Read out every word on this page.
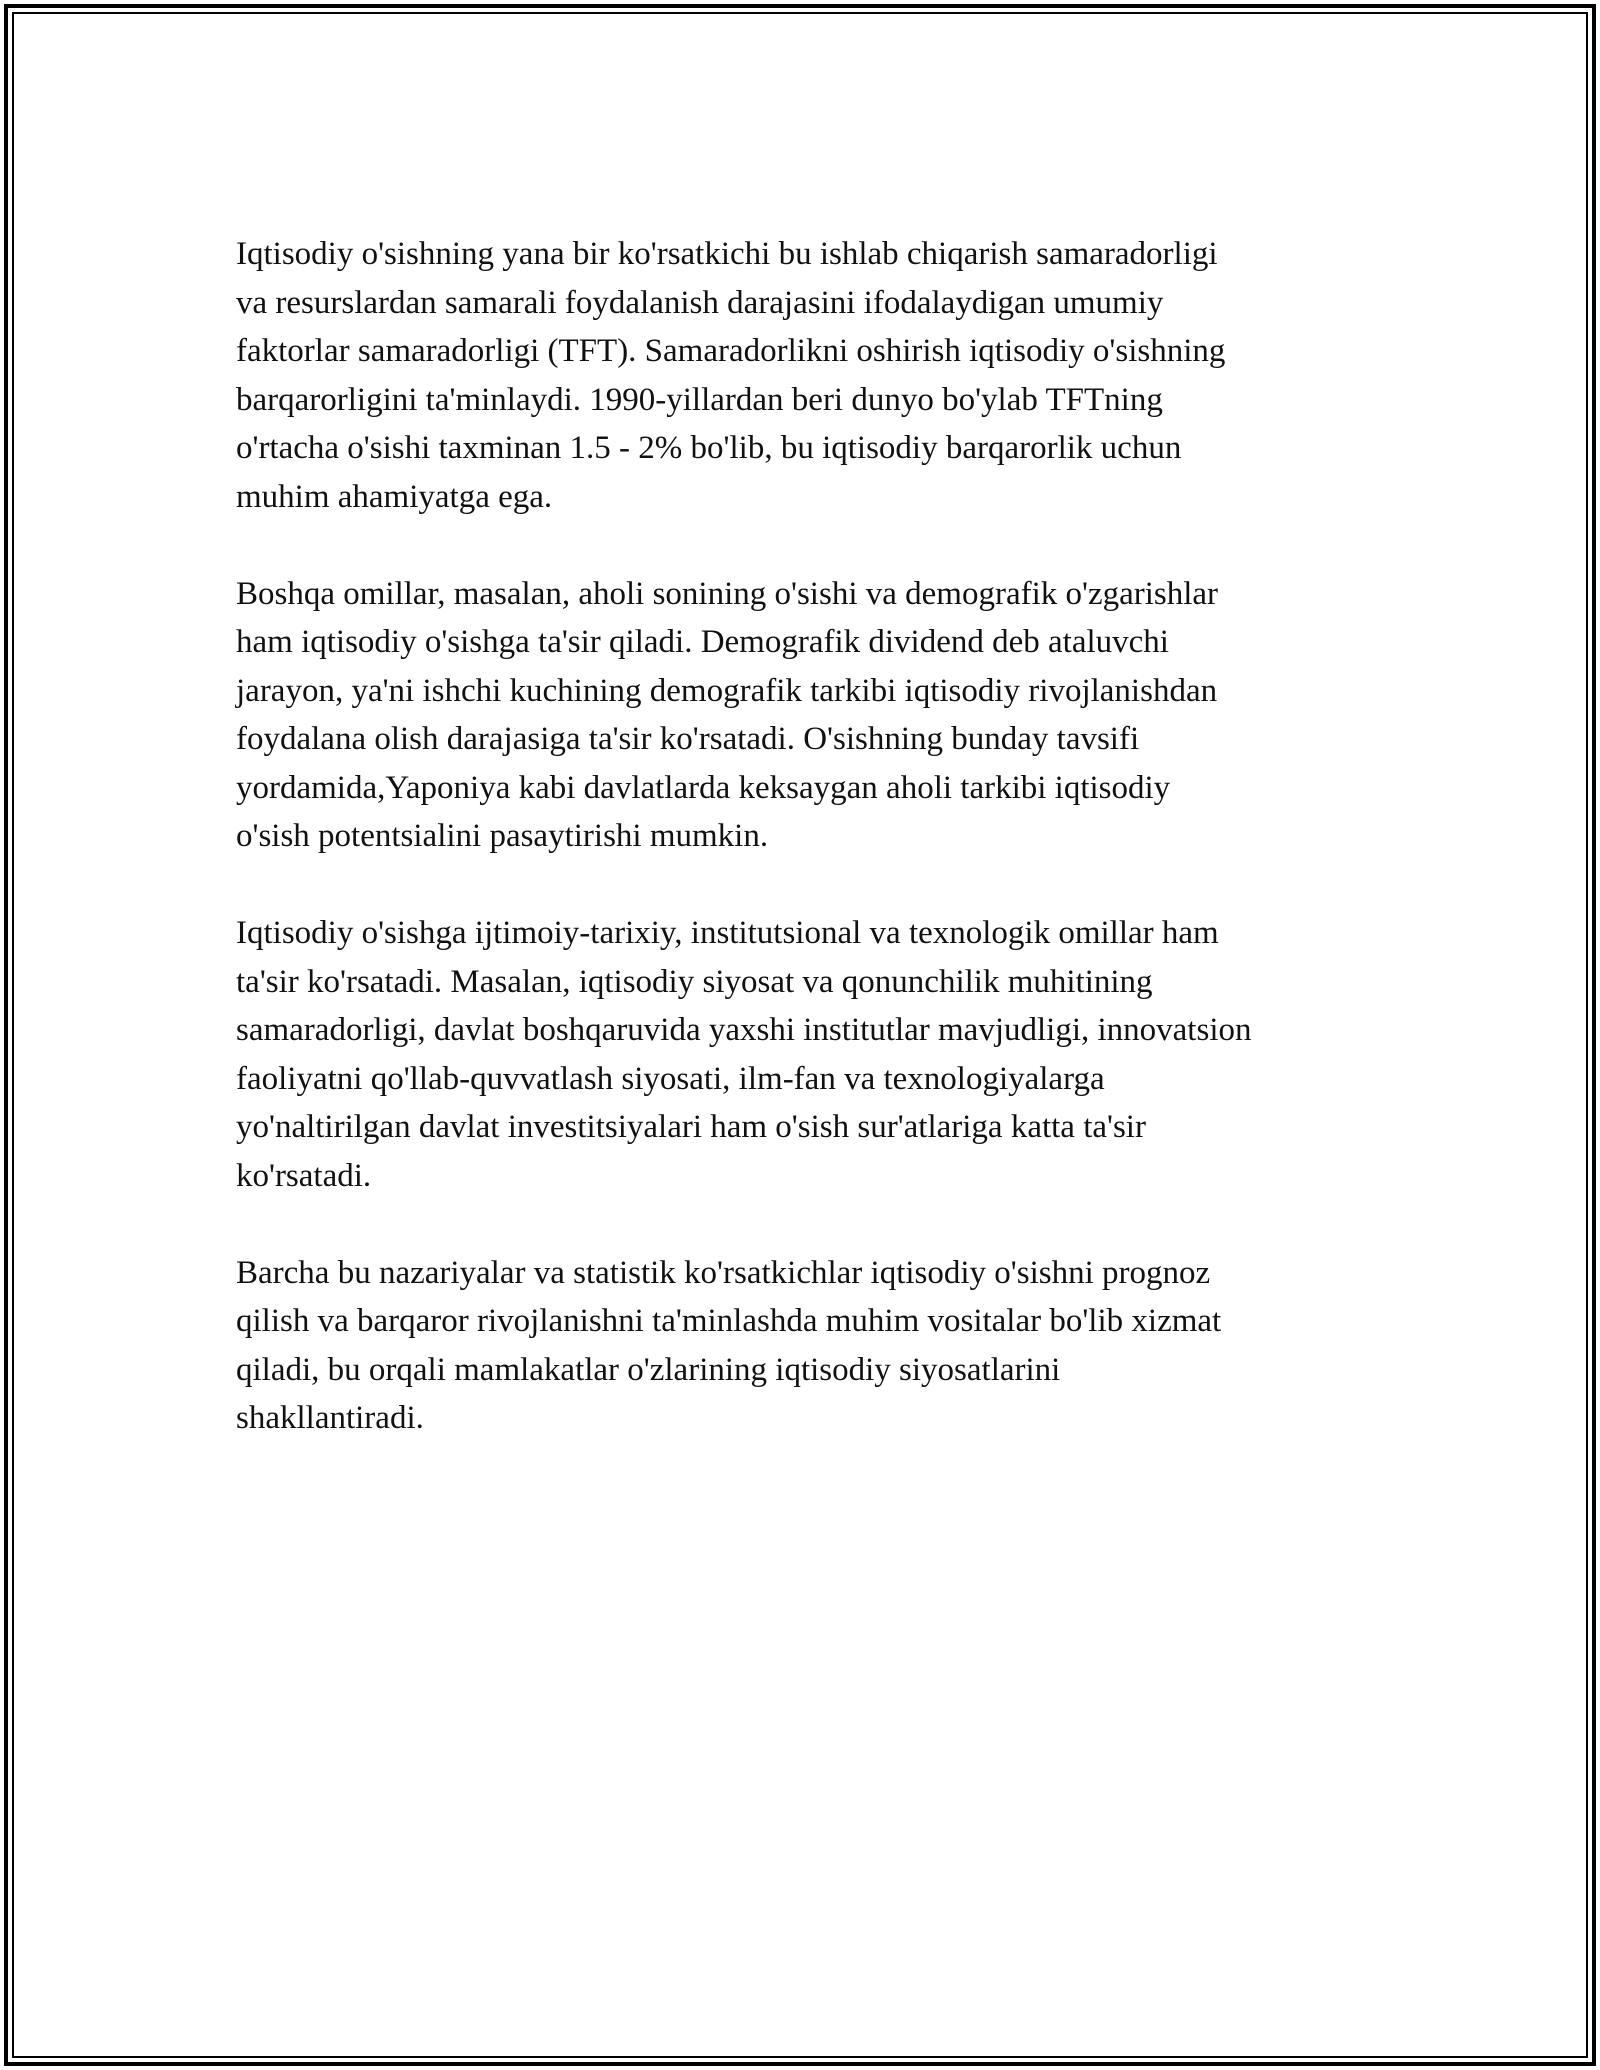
Iqtisodiy o'sishning yana bir ko'rsatkichi bu ishlab chiqarish samaradorligi
va resurslardan samarali foydalanish darajasini ifodalaydigan umumiy
faktorlar samaradorligi (TFT). Samaradorlikni oshirish iqtisodiy o'sishning
barqarorligini ta'minlaydi. 1990-yillardan beri dunyo bo'ylab TFTning
o'rtacha o'sishi taxminan 1.5 - 2% bo'lib, bu iqtisodiy barqarorlik uchun
muhim ahamiyatga ega.

Boshqa omillar, masalan, aholi sonining o'sishi va demografik o'zgarishlar
ham iqtisodiy o'sishga ta'sir qiladi. Demografik dividend deb ataluvchi
jarayon, ya'ni ishchi kuchining demografik tarkibi iqtisodiy rivojlanishdan
foydalana olish darajasiga ta'sir ko'rsatadi. O'sishning bunday tavsifi
yordamida,Yaponiya kabi davlatlarda keksaygan aholi tarkibi iqtisodiy
o'sish potentsialini pasaytirishi mumkin.

Iqtisodiy o'sishga ijtimoiy-tarixiy, institutsional va texnologik omillar ham
ta'sir ko'rsatadi. Masalan, iqtisodiy siyosat va qonunchilik muhitining
samaradorligi, davlat boshqaruvida yaxshi institutlar mavjudligi, innovatsion
faoliyatni qo'llab-quvvatlash siyosati, ilm-fan va texnologiyalarga
yo'naltirilgan davlat investitsiyalari ham o'sish sur'atlariga katta ta'sir
ko'rsatadi.

Barcha bu nazariyalar va statistik ko'rsatkichlar iqtisodiy o'sishni prognoz
qilish va barqaror rivojlanishni ta'minlashda muhim vositalar bo'lib xizmat
qiladi, bu orqali mamlakatlar o'zlarining iqtisodiy siyosatlarini
shakllantiradi.
